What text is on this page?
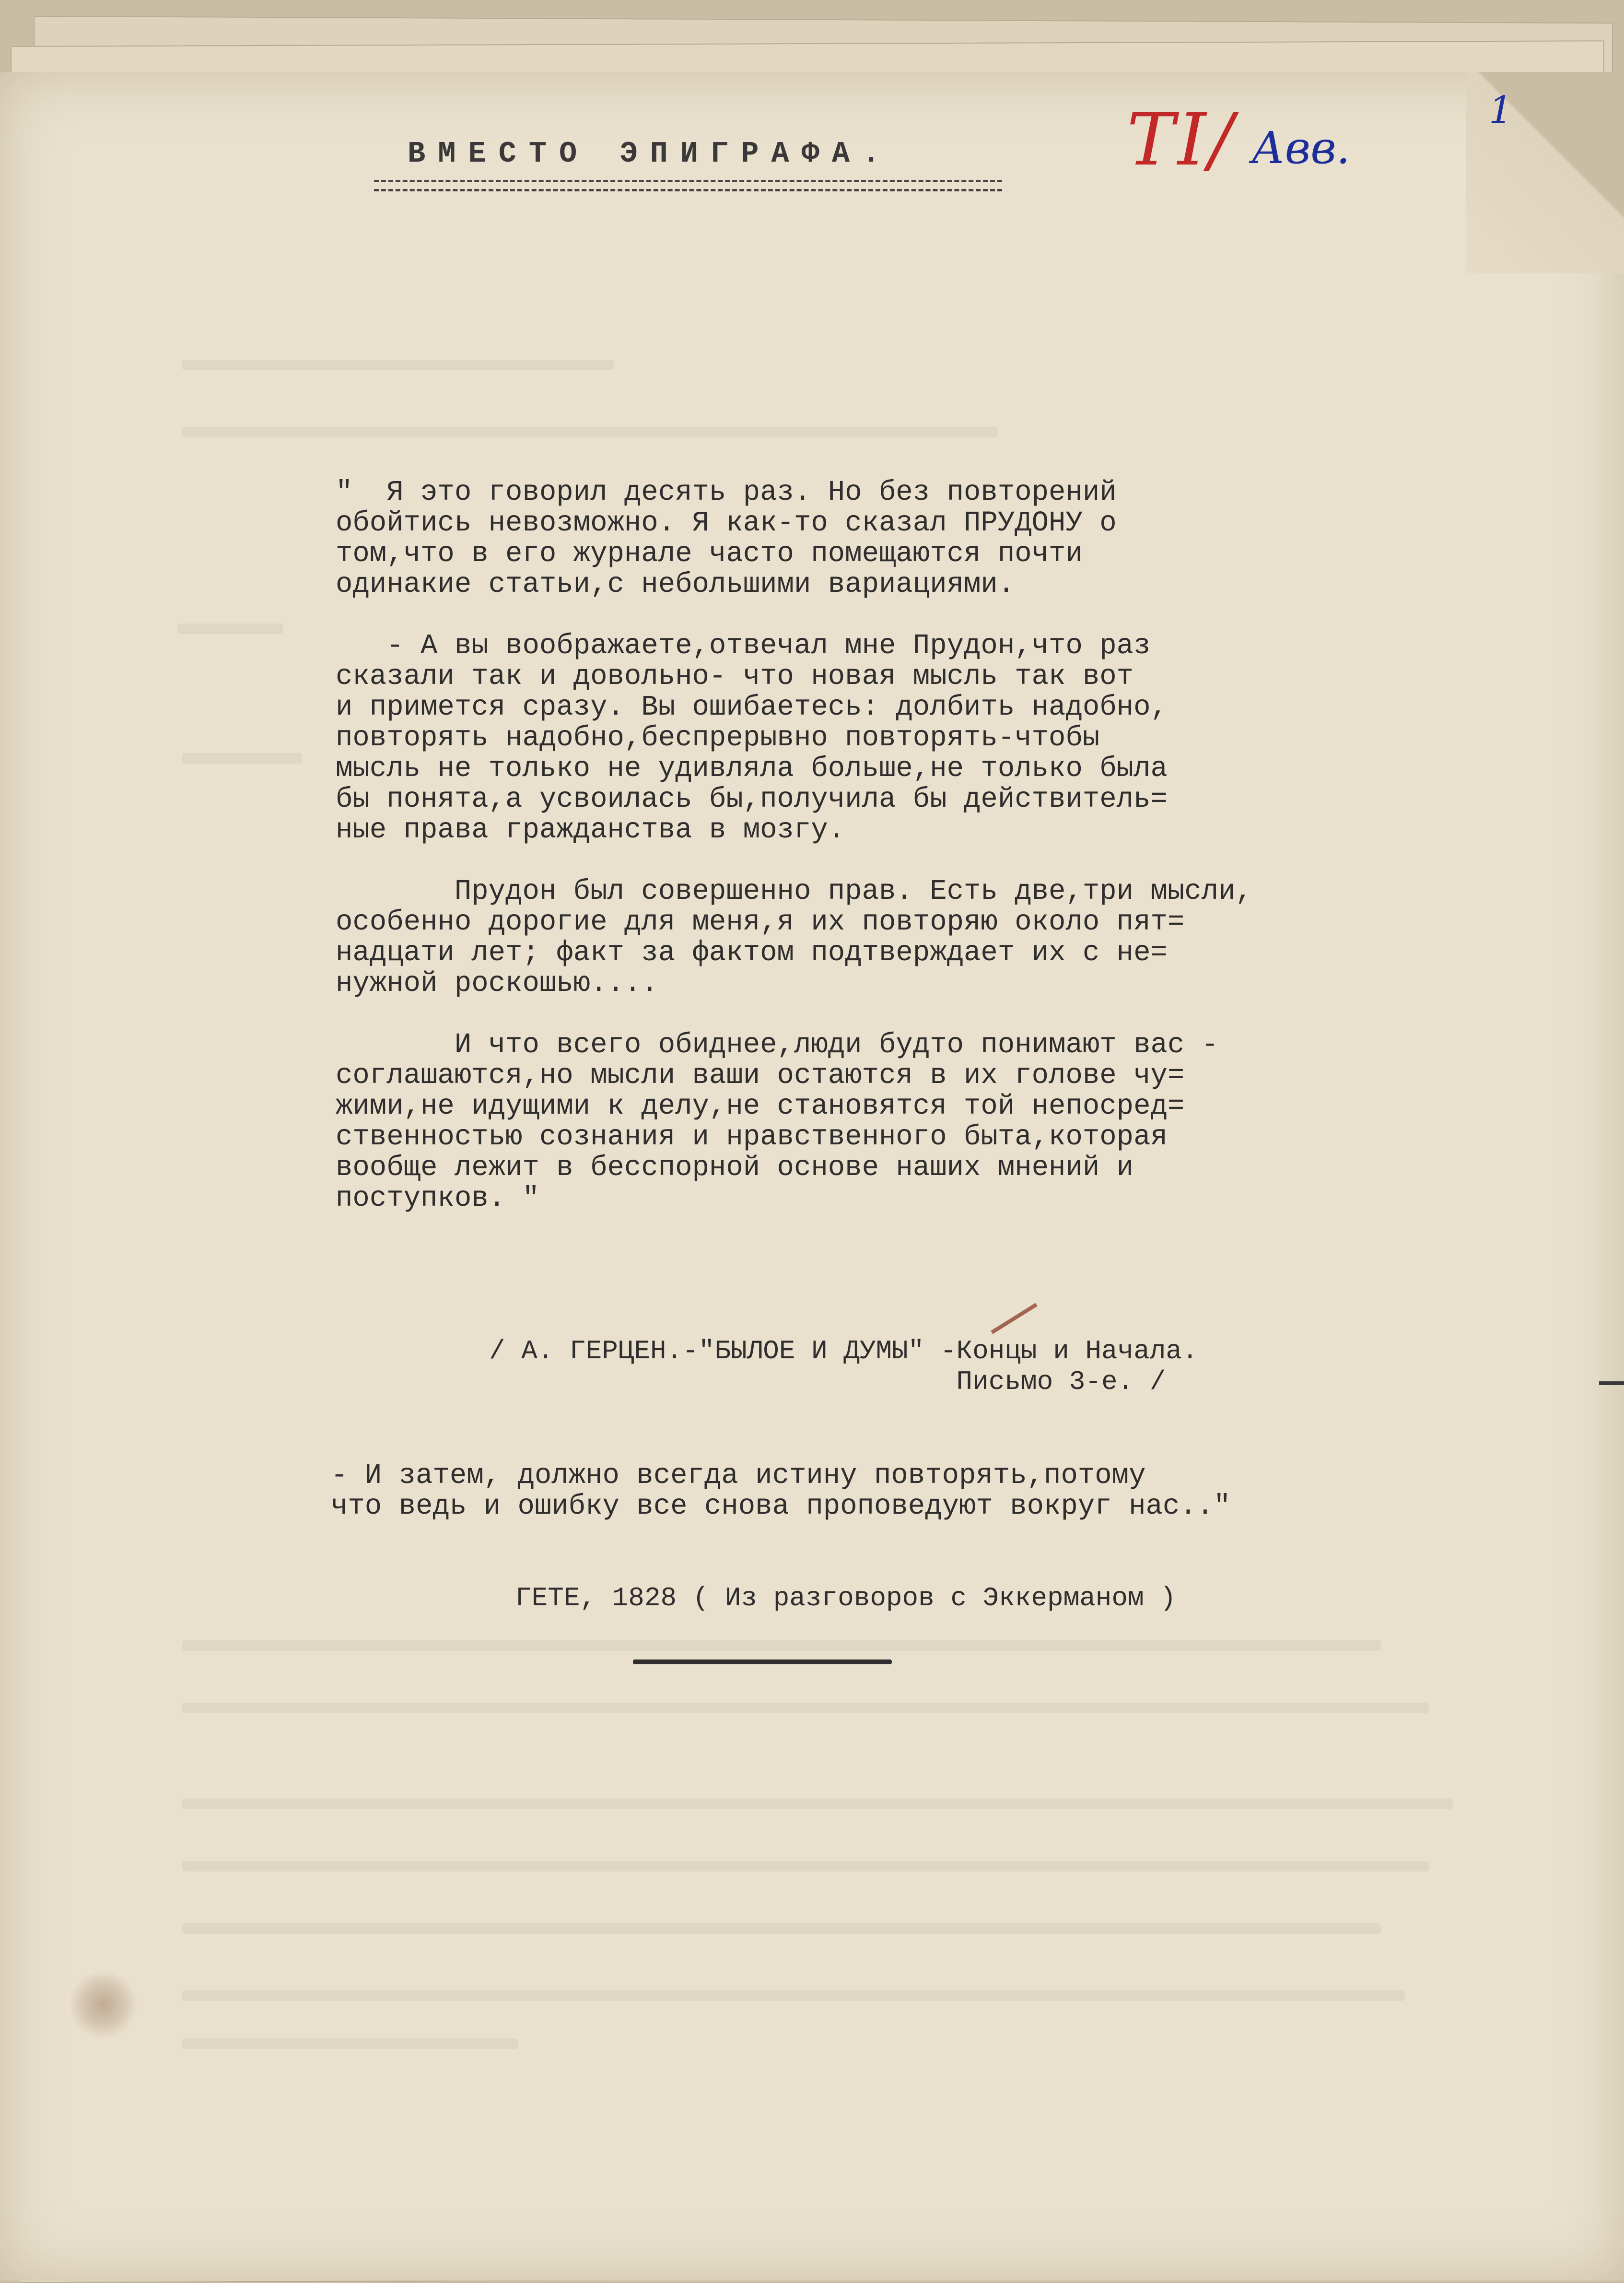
ВМЕСТО ЭПИГРАФА.	ТI/ Авв.
1
"  Я это говорил десять раз. Но без повторений
обойтись невозможно. Я как-то сказал ПРУДОНУ о
том,что в его журнале часто помещаются почти
одинакие статьи,с небольшими вариациями.

- А вы воображаете,отвечал мне Прудон,что раз
сказали так и довольно- что новая мысль так вот
и примется сразу. Вы ошибаетесь: долбить надобно,
повторять надобно,беспрерывно повторять-чтобы
мысль не только не удивляла больше,не только была
бы понята,а усвоилась бы,получила бы действитель=
ные права гражданства в мозгу.

Прудон был совершенно прав. Есть две,три мысли,
особенно дорогие для меня,я их повторяю около пят=
надцати лет; факт за фактом подтверждает их с не=
нужной роскошью....

И что всего обиднее,люди будто понимают вас -
соглашаются,но мысли ваши остаются в их голове чу=
жими,не идущими к делу,не становятся той непосред=
ственностью сознания и нравственного быта,которая
вообще лежит в бесспорной основе наших мнений и
поступков. "
/ А. ГЕРЦЕН.-"БЫЛОЕ И ДУМЫ" -Концы и Начала.
Письмо 3-е. /
- И затем, должно всегда истину повторять,потому
что ведь и ошибку все снова проповедуют вокруг нас.."
ГЕТЕ, 1828 ( Из разговоров с Эккерманом )
